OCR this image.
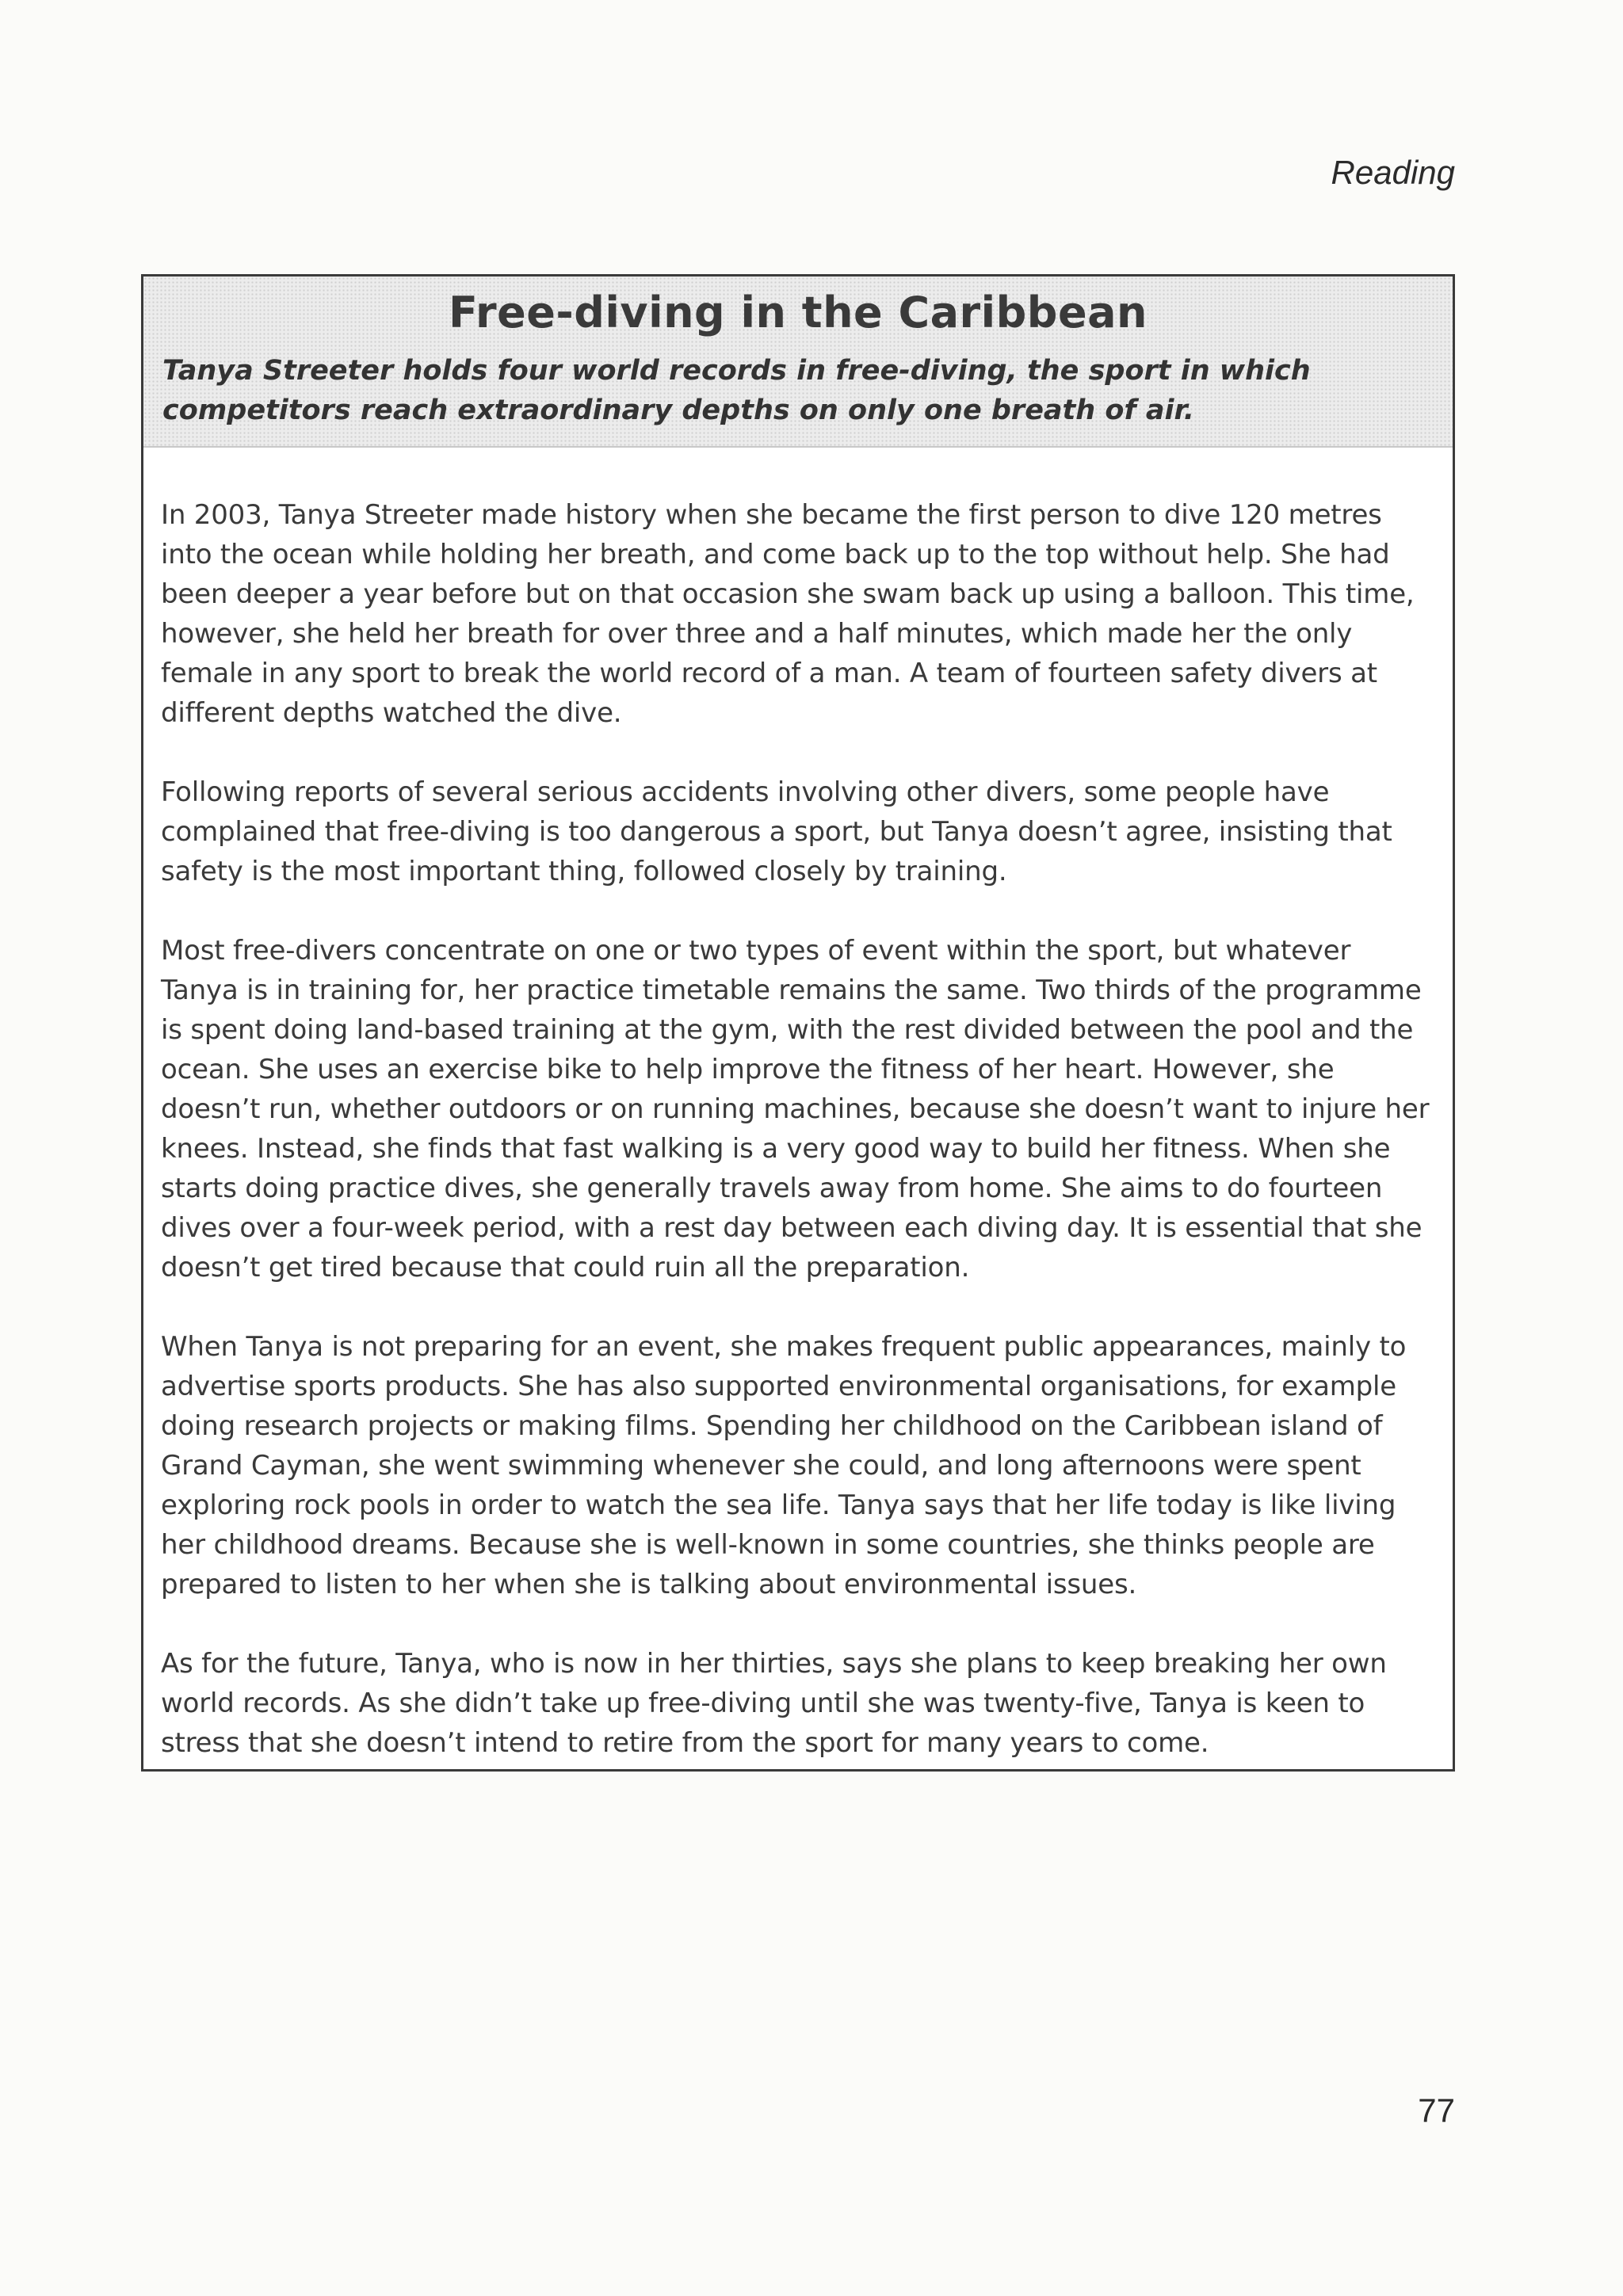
Reading

Free-diving in the Caribbean

Tanya Streeter holds four world records in free-diving, the sport in which competitors reach extraordinary depths on only one breath of air.

In 2003, Tanya Streeter made history when she became the first person to dive 120 metres into the ocean while holding her breath, and come back up to the top without help. She had been deeper a year before but on that occasion she swam back up using a balloon. This time, however, she held her breath for over three and a half minutes, which made her the only female in any sport to break the world record of a man. A team of fourteen safety divers at different depths watched the dive.

Following reports of several serious accidents involving other divers, some people have complained that free-diving is too dangerous a sport, but Tanya doesn’t agree, insisting that safety is the most important thing, followed closely by training.

Most free-divers concentrate on one or two types of event within the sport, but whatever Tanya is in training for, her practice timetable remains the same. Two thirds of the programme is spent doing land-based training at the gym, with the rest divided between the pool and the ocean. She uses an exercise bike to help improve the fitness of her heart. However, she doesn’t run, whether outdoors or on running machines, because she doesn’t want to injure her knees. Instead, she finds that fast walking is a very good way to build her fitness. When she starts doing practice dives, she generally travels away from home. She aims to do fourteen dives over a four-week period, with a rest day between each diving day. It is essential that she doesn’t get tired because that could ruin all the preparation.

When Tanya is not preparing for an event, she makes frequent public appearances, mainly to advertise sports products. She has also supported environmental organisations, for example doing research projects or making films. Spending her childhood on the Caribbean island of Grand Cayman, she went swimming whenever she could, and long afternoons were spent exploring rock pools in order to watch the sea life. Tanya says that her life today is like living her childhood dreams. Because she is well-known in some countries, she thinks people are prepared to listen to her when she is talking about environmental issues.

As for the future, Tanya, who is now in her thirties, says she plans to keep breaking her own world records. As she didn’t take up free-diving until she was twenty-five, Tanya is keen to stress that she doesn’t intend to retire from the sport for many years to come.

77
